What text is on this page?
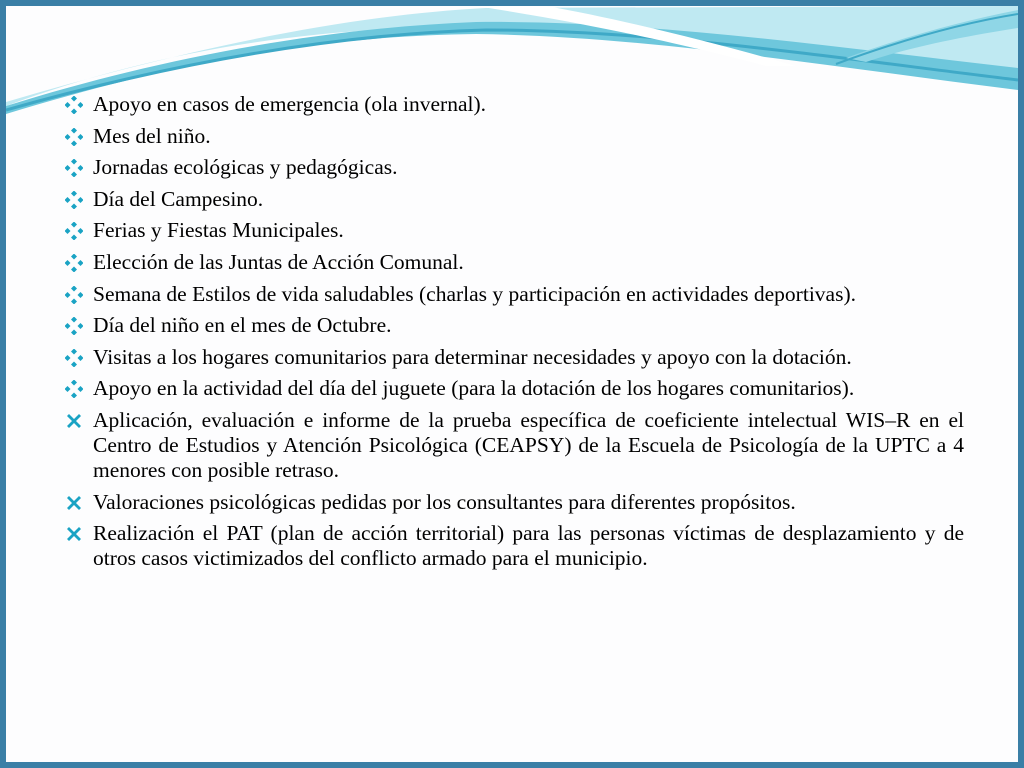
Apoyo en casos de emergencia (ola invernal).
Mes del niño.
Jornadas ecológicas y pedagógicas.
Día del Campesino.
Ferias y Fiestas Municipales.
Elección de las Juntas de Acción Comunal.
Semana de Estilos de vida saludables (charlas y participación en actividades deportivas).
Día del niño en el mes de Octubre.
Visitas a los hogares comunitarios para determinar necesidades y apoyo con la dotación.
Apoyo en la actividad del día del juguete (para la dotación de los hogares comunitarios).
Aplicación, evaluación e informe de la prueba específica de coeficiente intelectual WIS–R en el Centro de Estudios y Atención Psicológica (CEAPSY) de la Escuela de Psicología de la UPTC a 4 menores con posible retraso.
Valoraciones psicológicas pedidas por los consultantes para diferentes propósitos.
Realización el PAT (plan de acción territorial) para las personas víctimas de desplazamiento y de otros casos victimizados del conflicto armado para el municipio.
